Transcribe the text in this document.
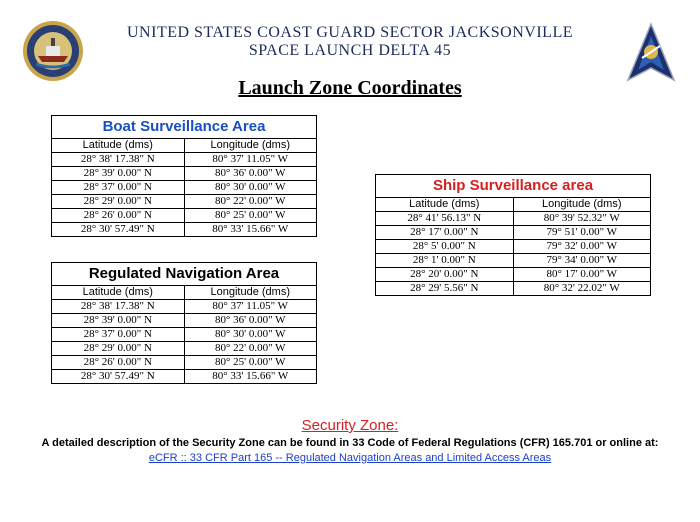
UNITED STATES COAST GUARD SECTOR JACKSONVILLE
SPACE LAUNCH DELTA 45
Launch Zone Coordinates
Boat Surveillance Area	
Latitude (dms)	Longitude (dms)
28° 38' 17.38" N	80° 37' 11.05" W
28° 39' 0.00" N	80° 36' 0.00" W
28° 37' 0.00" N	80° 30' 0.00" W
28° 29' 0.00" N	80° 22' 0.00" W
28° 26' 0.00" N	80° 25' 0.00" W
28° 30' 57.49" N	80° 33' 15.66" W
Ship Surveillance area	
Latitude (dms)	Longitude (dms)
28° 41' 56.13" N	80° 39' 52.32" W
28° 17' 0.00" N	79° 51' 0.00" W
28° 5' 0.00" N	79° 32' 0.00" W
28° 1' 0.00" N	79° 34' 0.00" W
28° 20' 0.00" N	80° 17' 0.00" W
28° 29' 5.56" N	80° 32' 22.02" W
Regulated Navigation Area	
Latitude (dms)	Longitude (dms)
28° 38' 17.38" N	80° 37' 11.05" W
28° 39' 0.00" N	80° 36' 0.00" W
28° 37' 0.00" N	80° 30' 0.00" W
28° 29' 0.00" N	80° 22' 0.00" W
28° 26' 0.00" N	80° 25' 0.00" W
28° 30' 57.49" N	80° 33' 15.66" W
Security Zone:
A detailed description of the Security Zone can be found in 33 Code of Federal Regulations (CFR) 165.701 or online at:
eCFR :: 33 CFR Part 165 -- Regulated Navigation Areas and Limited Access Areas
